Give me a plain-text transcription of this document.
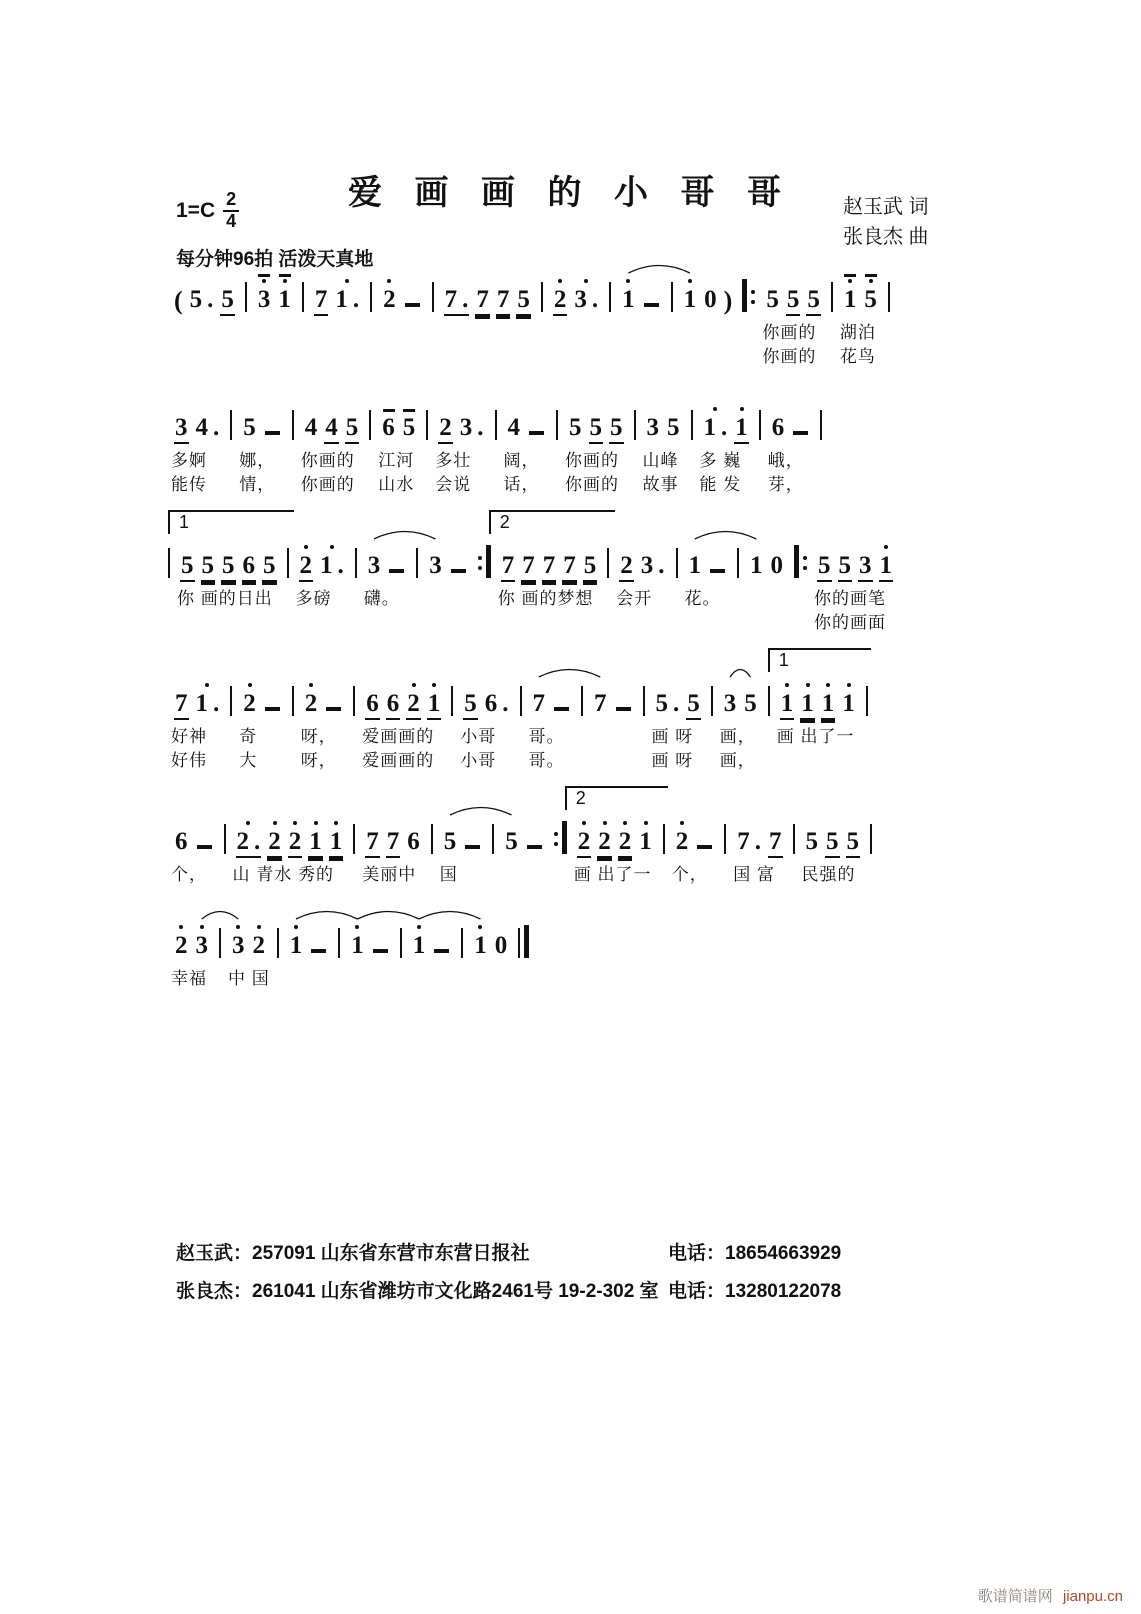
爱 画 画 的 小 哥 哥
$1=C \frac{2}{4}$	赵玉武 词
张良杰 曲
每分钟96拍 活泼天真地
( 5 . 5

3 1

7 1 .

2

7 . 7 7 5

2 3 .

1

1 0 )

5 5 5
你画的
你画的
1 5
湖泊
花鸟
3 4 .
多婀
能传
5
娜，
情，
4 4 5
你画的
你画的
6 5
江河
山水
2 3 .
多壮
会说
4
阔，
话，
5 5 5
你画的
你画的
3 5
山峰
故事
1 . 1
多 巍
能 发
6
峨，
芽，
1
5 5 5 6 5
你 画的日出

2 1 .
多磅

3
礴。

3

2
7 7 7 7 5
你 画的梦想

2 3 .
会开

1
花。

1 0

5 5 3 1
你的画笔
你的画面
7 1 .
好神
好伟
2
奇
大
2
呀，
呀，
6 6 2 1
爱画画的
爱画画的
5 6 .
小哥
小哥
7
哥。
哥。
7

5 . 5
画 呀
画 呀
3 5
画，
画，
1
1 1 1 1
画 出了一

6
个，
2 . 2 2 1 1
山 青水 秀的
7 7 6
美丽中
5
国
5

2
2 2 2 1
画 出了一
2
个，
7 . 7
国 富
5 5 5
民强的
2 3
幸福
3 2
中 国
1
1
1
1 0

赵玉武：257091 山东省东营市东营日报社	电话：18654663929
张良杰：261041 山东省潍坊市文化路2461号 19-2-302 室 电话：13280122078
歌谱简谱网 jianpu.cn
